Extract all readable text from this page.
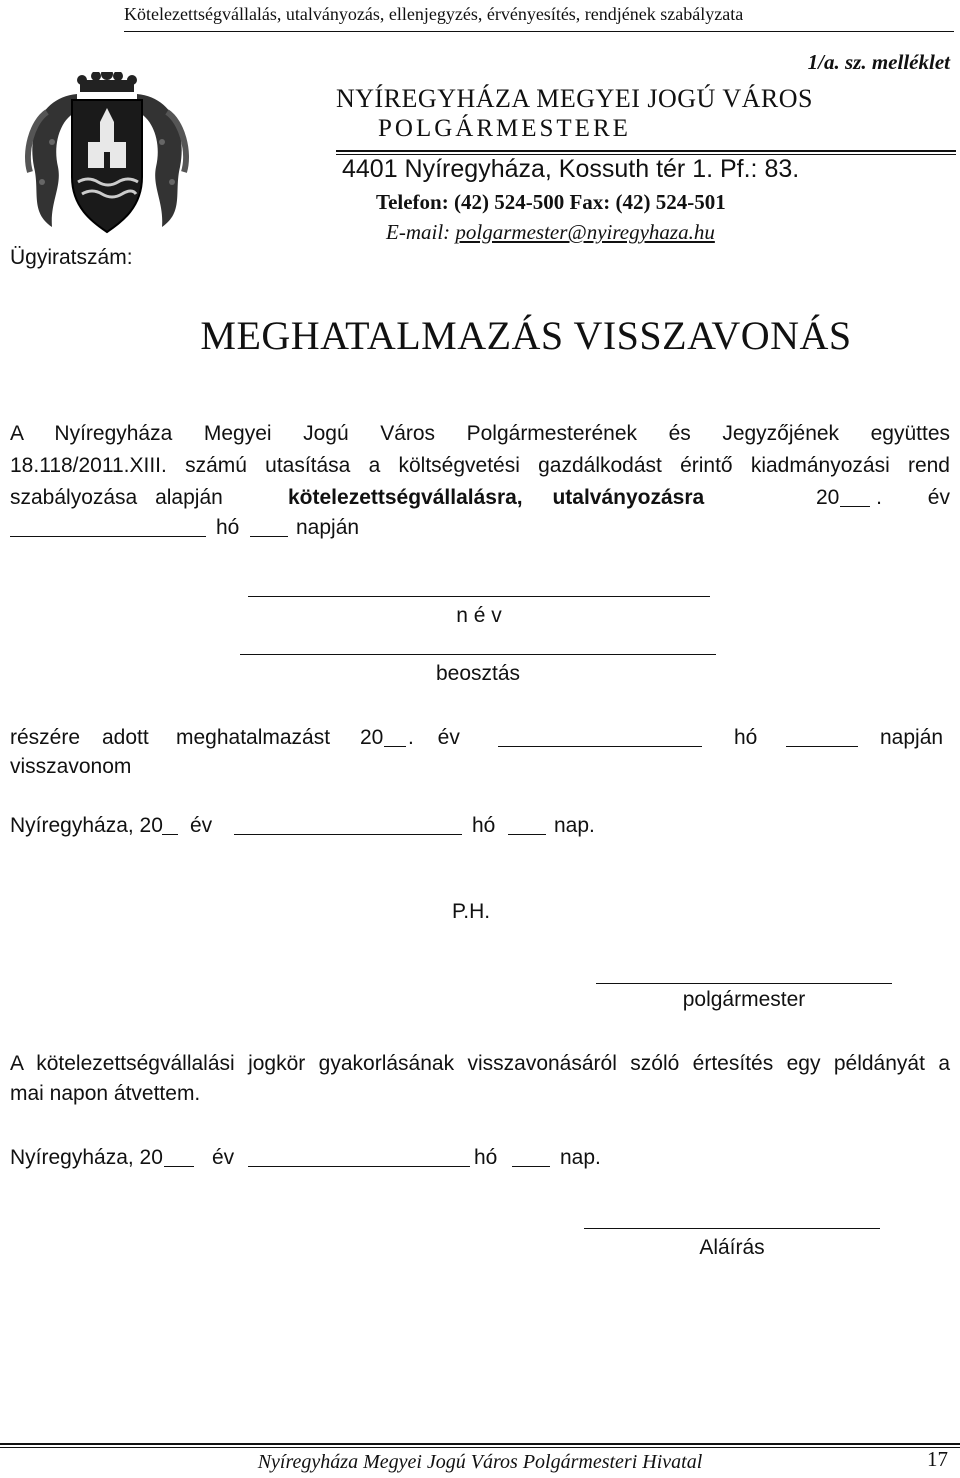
Kötelezettségvállalás, utalványozás, ellenjegyzés, érvényesítés, rendjének szabályzata
1/a. sz. melléklet
NYÍREGYHÁZA MEGYEI JOGÚ VÁROS
POLGÁRMESTERE
4401 Nyíregyháza, Kossuth tér 1. Pf.: 83.
Telefon: (42) 524-500 Fax: (42) 524-501
E-mail: polgarmester@nyiregyhaza.hu
Ügyiratszám:
MEGHATALMAZÁS VISSZAVONÁS
A Nyíregyháza Megyei Jogú Város Polgármesterének és Jegyzőjének együttes
18.118/2011.XIII. számú utasítása a költségvetési gazdálkodást érintő kiadmányozási rend
szabályozása alapján	kötelezettségvállalásra, utalványozásra	20 . év
hó	napján
n é v
beosztás
részére adott meghatalmazást 20 . év	hó	napján
visszavonom
Nyíregyháza, 20 év	hó	nap.
P.H.
polgármester
A kötelezettségvállalási jogkör gyakorlásának visszavonásáról szóló értesítés egy példányát a
mai napon átvettem.
Nyíregyháza, 20 év	hó	nap.
Aláírás
Nyíregyháza Megyei Jogú Város Polgármesteri Hivatal	17
